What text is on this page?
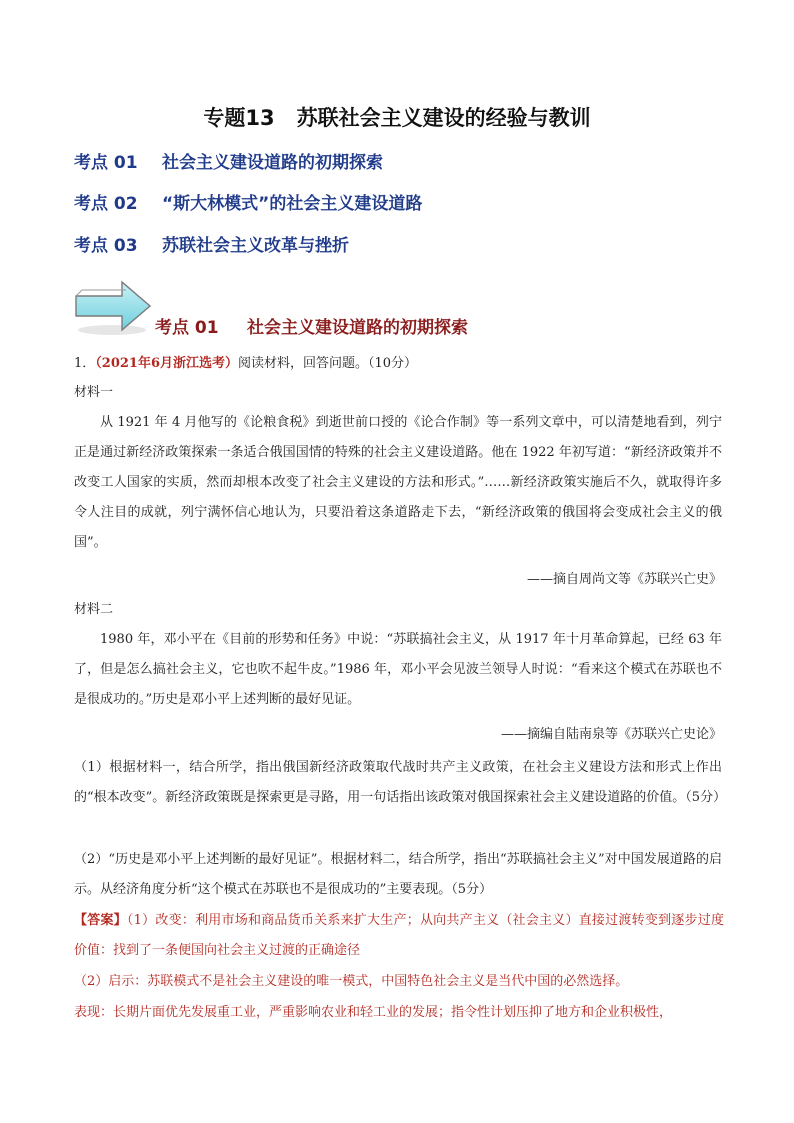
专题13 苏联社会主义建设的经验与教训
考点 01 社会主义建设道路的初期探索
考点 02 “斯大林模式”的社会主义建设道路
考点 03 苏联社会主义改革与挫折
考点 01 社会主义建设道路的初期探索
1．（2021年6月浙江选考）阅读材料，回答问题。（10分）
材料一
从 1921 年 4 月他写的《论粮食税》到逝世前口授的《论合作制》等一系列文章中，可以清楚地看到，列宁正是通过新经济政策探索一条适合俄国国情的特殊的社会主义建设道路。他在 1922 年初写道：“新经济政策并不改变工人国家的实质，然而却根本改变了社会主义建设的方法和形式。”……新经济政策实施后不久，就取得许多令人注目的成就，列宁满怀信心地认为，只要沿着这条道路走下去，“新经济政策的俄国将会变成社会主义的俄国”。
——摘自周尚文等《苏联兴亡史》
材料二
1980 年，邓小平在《目前的形势和任务》中说：“苏联搞社会主义，从 1917 年十月革命算起，已经 63 年了，但是怎么搞社会主义，它也吹不起牛皮。”1986 年，邓小平会见波兰领导人时说：“看来这个模式在苏联也不是很成功的。”历史是邓小平上述判断的最好见证。
——摘编自陆南泉等《苏联兴亡史论》
（1）根据材料一，结合所学，指出俄国新经济政策取代战时共产主义政策，在社会主义建设方法和形式上作出的“根本改变”。新经济政策既是探索更是寻路，用一句话指出该政策对俄国探索社会主义建设道路的价值。（5分）
（2）“历史是邓小平上述判断的最好见证”。根据材料二，结合所学，指出“苏联搞社会主义”对中国发展道路的启示。从经济角度分析“这个模式在苏联也不是很成功的”主要表现。（5分）
【答案】（1）改变：利用市场和商品货币关系来扩大生产；从向共产主义（社会主义）直接过渡转变到逐步过度价值：找到了一条便国向社会主义过渡的正确途径
（2）启示：苏联模式不是社会主义建设的唯一模式，中国特色社会主义是当代中国的必然选择。
表现：长期片面优先发展重工业，严重影响农业和轻工业的发展；指令性计划压抑了地方和企业积极性，
